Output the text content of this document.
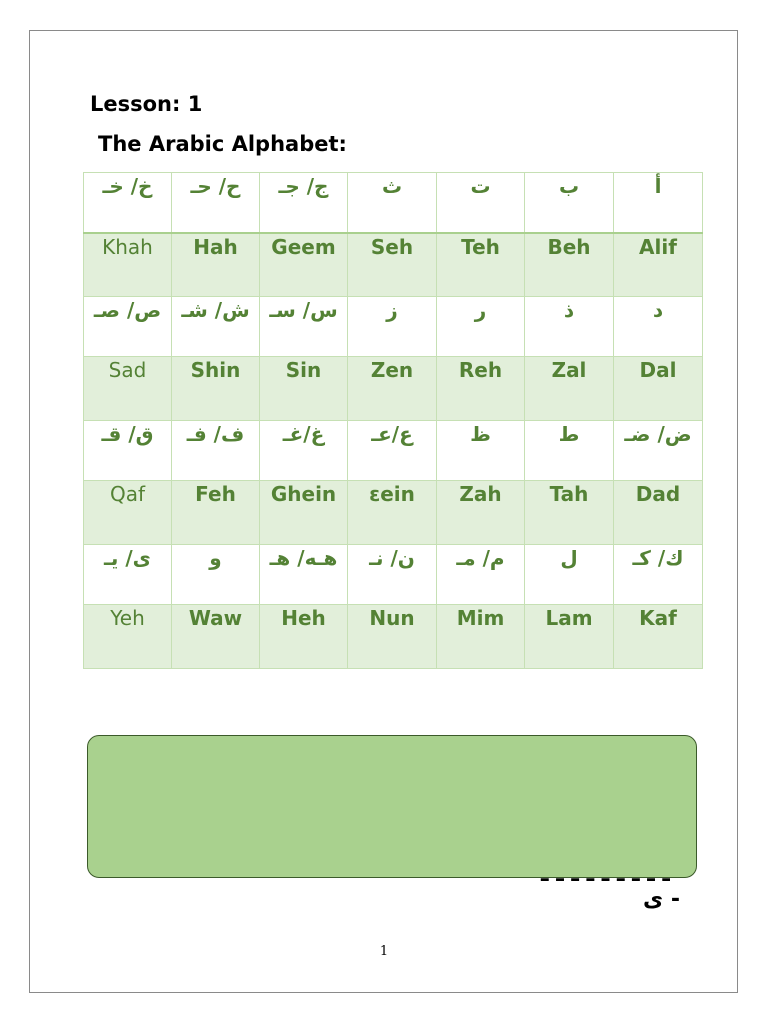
Lesson: 1
The Arabic Alphabet:
خ/ خـ	ح/ حـ	ج/ جـ	ث	ت	ب	أ
Khah	Hah	Geem	Seh	Teh	Beh	Alif
ص/ صـ	ش/ شـ	س/ سـ	ز	ر	ذ	د
Sad	Shin	Sin	Zen	Reh	Zal	Dal
ق/ قـ	ف/ فـ	غ/غـ	ع/عـ	ظ	ط	ض/ ضـ
Qaf	Feh	Ghein	ɛein	Zah	Tah	Dad
ى/ يـ	و	هـه/ هـ	ن/ نـ	م/ مـ	ل	ك/ كـ
Yeh	Waw	Heh	Nun	Mim	Lam	Kaf
- ى
1
